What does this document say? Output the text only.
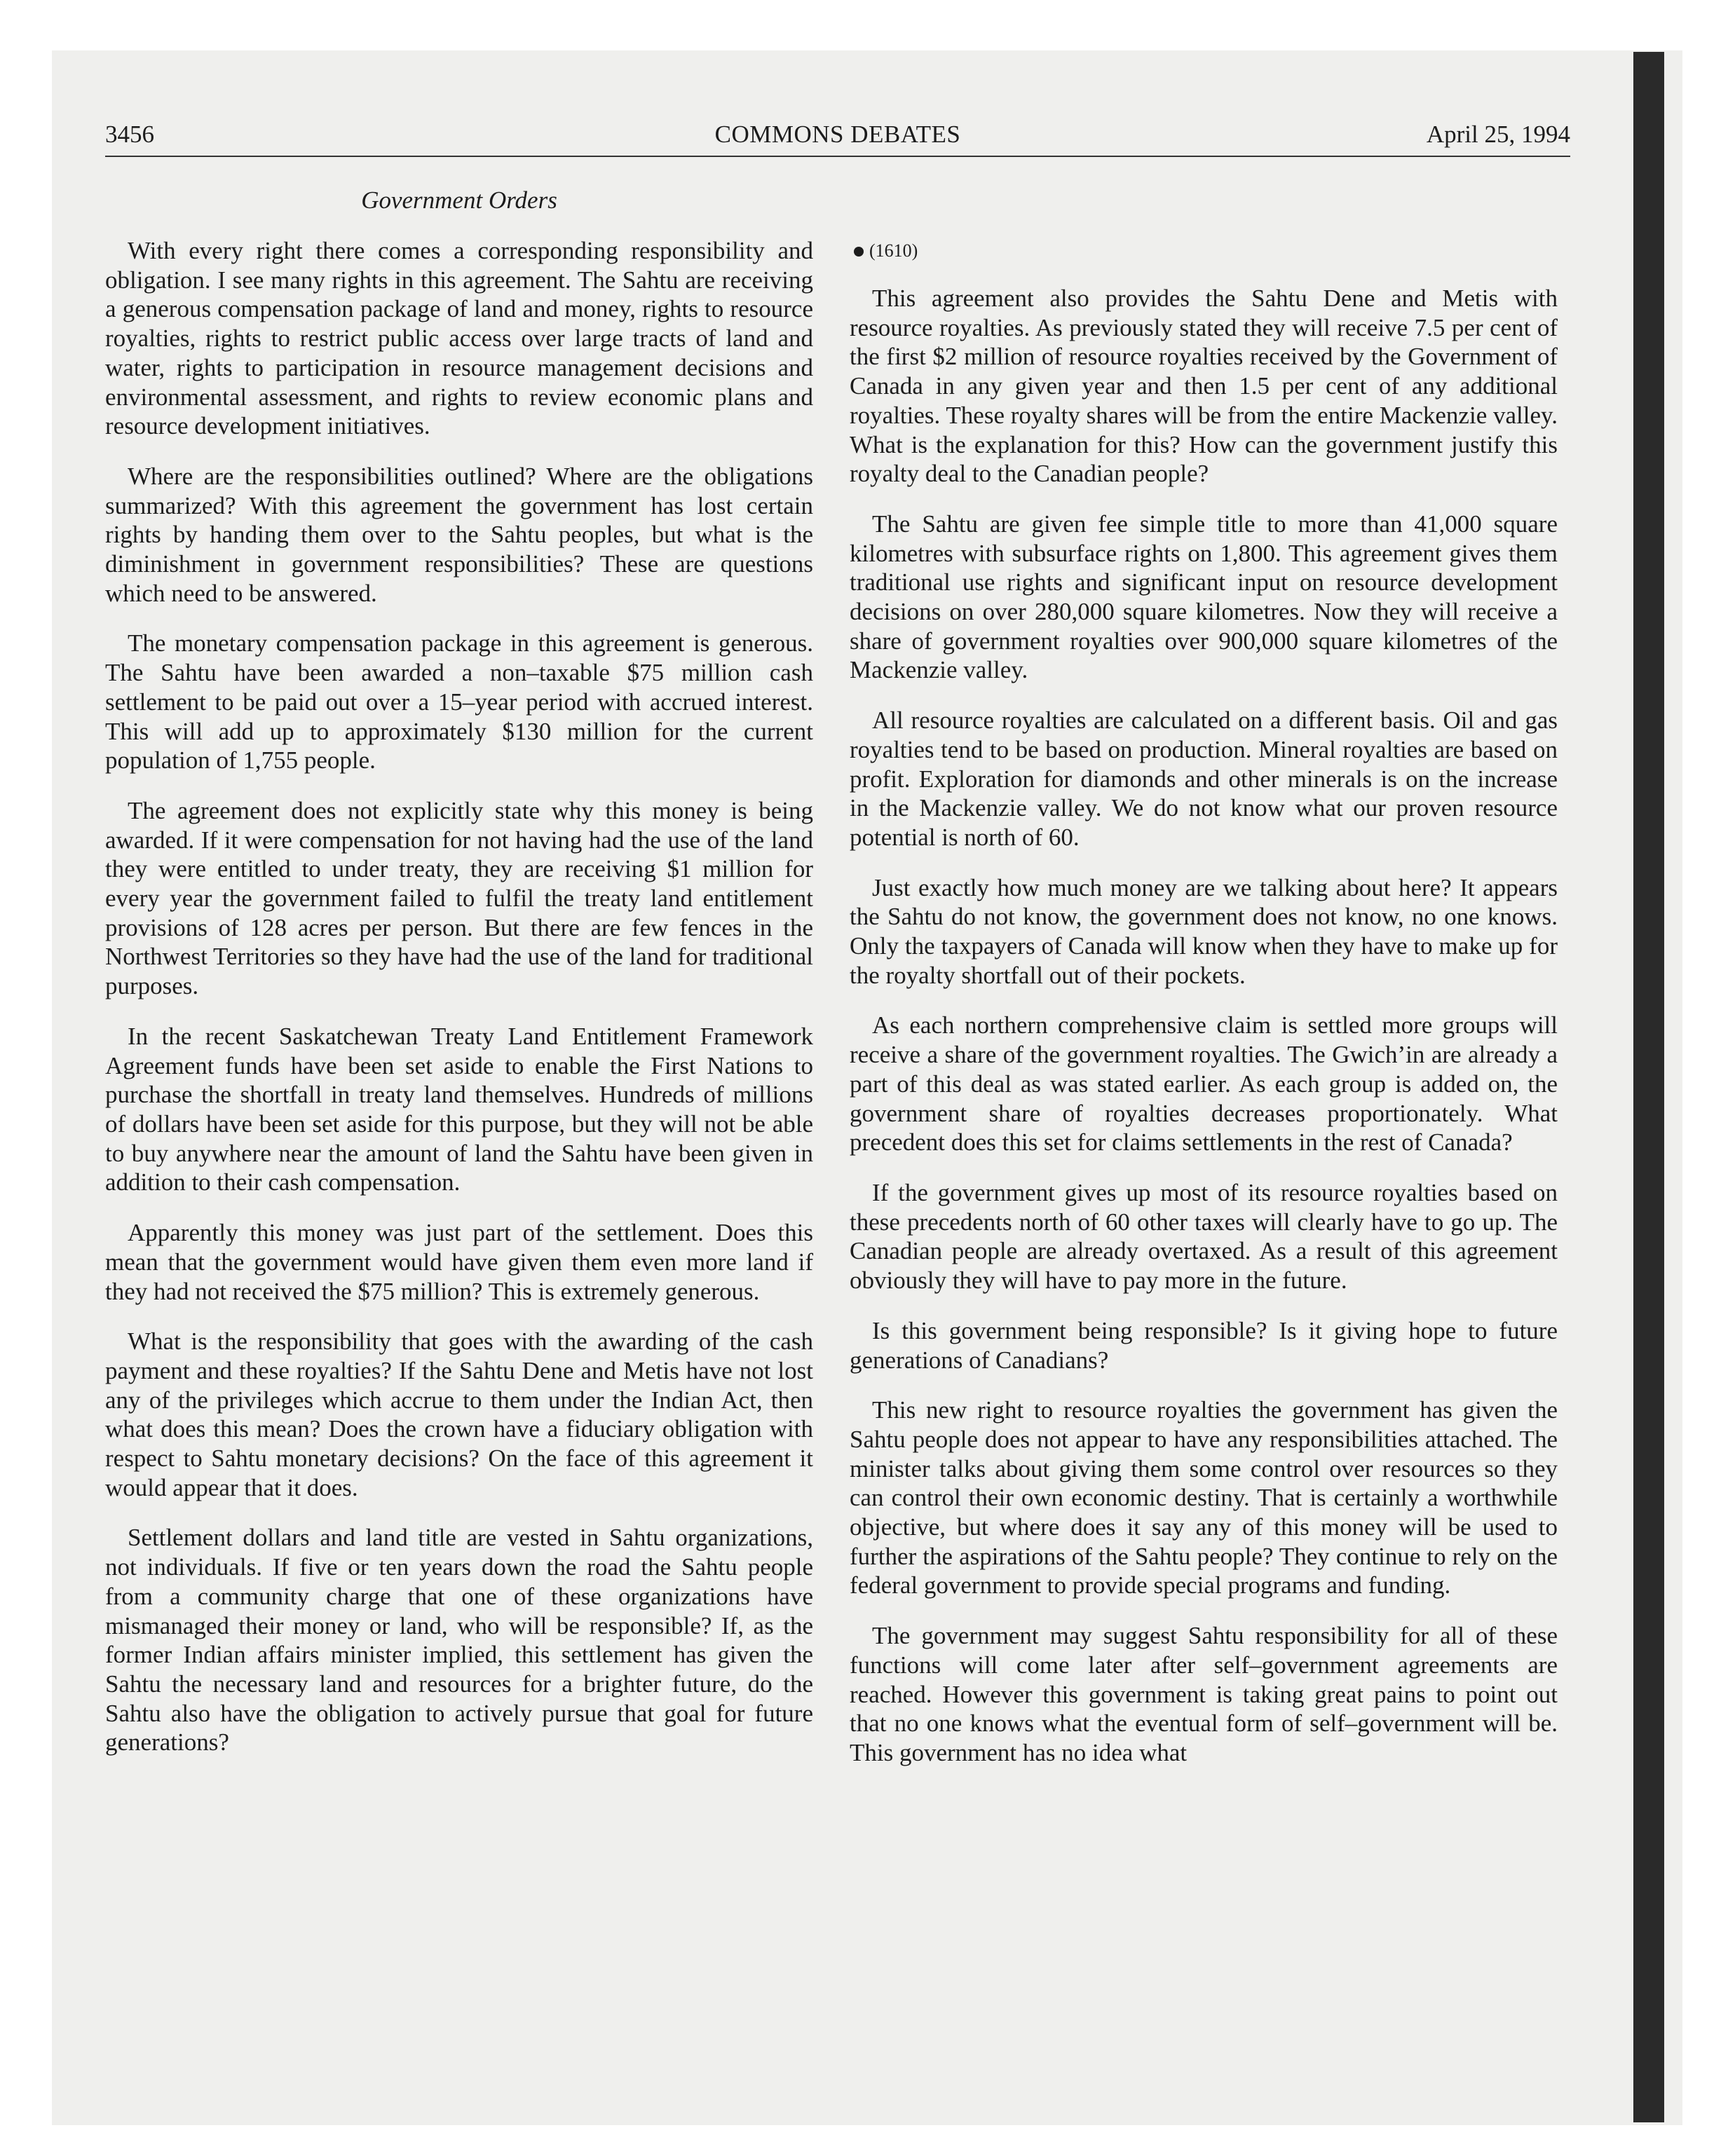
3456	COMMONS DEBATES	April 25, 1994
Government Orders

With every right there comes a corresponding responsibility and obligation. I see many rights in this agreement. The Sahtu are receiving a generous compensation package of land and money, rights to resource royalties, rights to restrict public access over large tracts of land and water, rights to participation in resource management decisions and environmental assessment, and rights to review economic plans and resource development initiatives.

Where are the responsibilities outlined? Where are the obligations summarized? With this agreement the government has lost certain rights by handing them over to the Sahtu peoples, but what is the diminishment in government responsibilities? These are questions which need to be answered.

The monetary compensation package in this agreement is generous. The Sahtu have been awarded a non–taxable $75 million cash settlement to be paid out over a 15–year period with accrued interest. This will add up to approximately $130 million for the current population of 1,755 people.

The agreement does not explicitly state why this money is being awarded. If it were compensation for not having had the use of the land they were entitled to under treaty, they are receiving $1 million for every year the government failed to fulfil the treaty land entitlement provisions of 128 acres per person. But there are few fences in the Northwest Territories so they have had the use of the land for traditional purposes.

In the recent Saskatchewan Treaty Land Entitlement Framework Agreement funds have been set aside to enable the First Nations to purchase the shortfall in treaty land themselves. Hundreds of millions of dollars have been set aside for this purpose, but they will not be able to buy anywhere near the amount of land the Sahtu have been given in addition to their cash compensation.

Apparently this money was just part of the settlement. Does this mean that the government would have given them even more land if they had not received the $75 million? This is extremely generous.

What is the responsibility that goes with the awarding of the cash payment and these royalties? If the Sahtu Dene and Metis have not lost any of the privileges which accrue to them under the Indian Act, then what does this mean? Does the crown have a fiduciary obligation with respect to Sahtu monetary decisions? On the face of this agreement it would appear that it does.

Settlement dollars and land title are vested in Sahtu organizations, not individuals. If five or ten years down the road the Sahtu people from a community charge that one of these organizations have mismanaged their money or land, who will be responsible? If, as the former Indian affairs minister implied, this settlement has given the Sahtu the necessary land and resources for a brighter future, do the Sahtu also have the obligation to actively pursue that goal for future generations?

(1610)

This agreement also provides the Sahtu Dene and Metis with resource royalties. As previously stated they will receive 7.5 per cent of the first $2 million of resource royalties received by the Government of Canada in any given year and then 1.5 per cent of any additional royalties. These royalty shares will be from the entire Mackenzie valley. What is the explanation for this? How can the government justify this royalty deal to the Canadian people?

The Sahtu are given fee simple title to more than 41,000 square kilometres with subsurface rights on 1,800. This agreement gives them traditional use rights and significant input on resource development decisions on over 280,000 square kilometres. Now they will receive a share of government royalties over 900,000 square kilometres of the Mackenzie valley.

All resource royalties are calculated on a different basis. Oil and gas royalties tend to be based on production. Mineral royalties are based on profit. Exploration for diamonds and other minerals is on the increase in the Mackenzie valley. We do not know what our proven resource potential is north of 60.

Just exactly how much money are we talking about here? It appears the Sahtu do not know, the government does not know, no one knows. Only the taxpayers of Canada will know when they have to make up for the royalty shortfall out of their pockets.

As each northern comprehensive claim is settled more groups will receive a share of the government royalties. The Gwich’in are already a part of this deal as was stated earlier. As each group is added on, the government share of royalties decreases proportionately. What precedent does this set for claims settlements in the rest of Canada?

If the government gives up most of its resource royalties based on these precedents north of 60 other taxes will clearly have to go up. The Canadian people are already overtaxed. As a result of this agreement obviously they will have to pay more in the future.

Is this government being responsible? Is it giving hope to future generations of Canadians?

This new right to resource royalties the government has given the Sahtu people does not appear to have any responsibilities attached. The minister talks about giving them some control over resources so they can control their own economic destiny. That is certainly a worthwhile objective, but where does it say any of this money will be used to further the aspirations of the Sahtu people? They continue to rely on the federal government to provide special programs and funding.

The government may suggest Sahtu responsibility for all of these functions will come later after self–government agreements are reached. However this government is taking great pains to point out that no one knows what the eventual form of self–government will be. This government has no idea what
